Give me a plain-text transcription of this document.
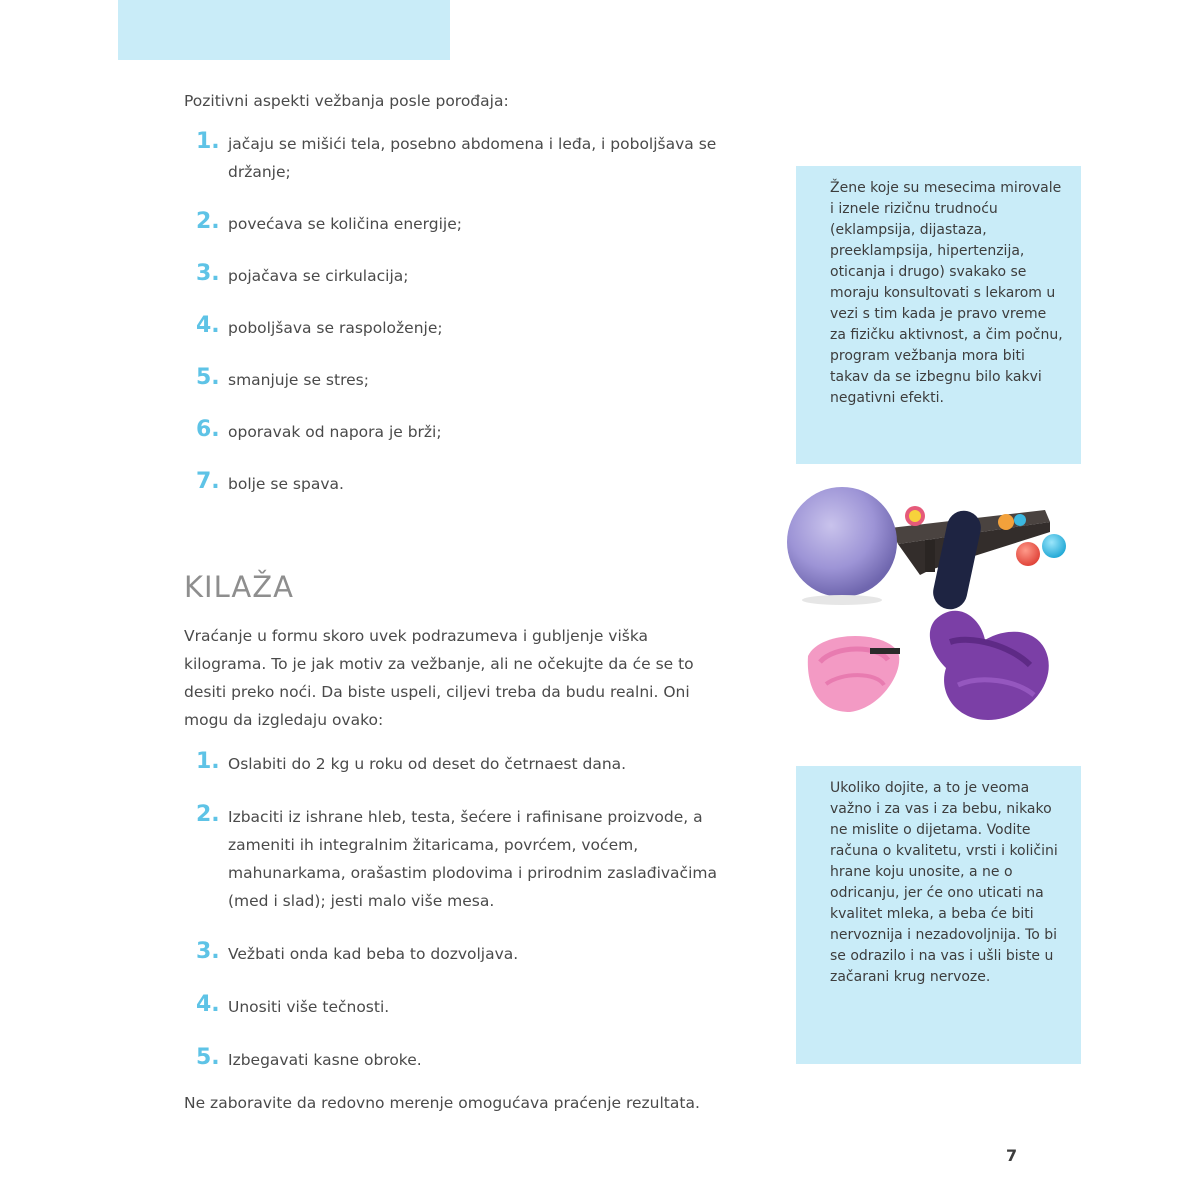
Pozitivni aspekti vežbanja posle porođaja:

1. jačaju se mišići tela, posebno abdomena i leđa, i poboljšava se držanje;
2. povećava se količina energije;
3. pojačava se cirkulacija;
4. poboljšava se raspoloženje;
5. smanjuje se stres;
6. oporavak od napora je brži;
7. bolje se spava.
KILAŽA

Vraćanje u formu skoro uvek podrazumeva i gubljenje viška kilograma. To je jak motiv za vežbanje, ali ne očekujte da će se to desiti preko noći. Da biste uspeli, ciljevi treba da budu realni. Oni mogu da izgledaju ovako:

1. Oslabiti do 2 kg u roku od deset do četrnaest dana.
2. Izbaciti iz ishrane hleb, testa, šećere i rafinisane proizvode, a zameniti ih integralnim žitaricama, povrćem, voćem, mahunarkama, orašastim plodovima i prirodnim zaslađivačima (med i slad); jesti malo više mesa.
3. Vežbati onda kad beba to dozvoljava.
4. Unositi više tečnosti.
5. Izbegavati kasne obroke.

Ne zaboravite da redovno merenje omogućava praćenje rezultata.

Žene koje su mesecima mirovale i iznele rizičnu trudnoću (eklampsija, dijastaza, preeklampsija, hipertenzija, oticanja i drugo) svakako se moraju konsultovati s lekarom u vezi s tim kada je pravo vreme za fizičku aktivnost, a čim počnu, program vežbanja mora biti takav da se izbegnu bilo kakvi negativni efekti.

Ukoliko dojite, a to je veoma važno i za vas i za bebu, nikako ne mislite o dijetama. Vodite računa o kvalitetu, vrsti i količini hrane koju unosite, a ne o odricanju, jer će ono uticati na kvalitet mleka, a beba će biti nervoznija i nezadovoljnija. To bi se odrazilo i na vas i ušli biste u začarani krug nervoze.

7
